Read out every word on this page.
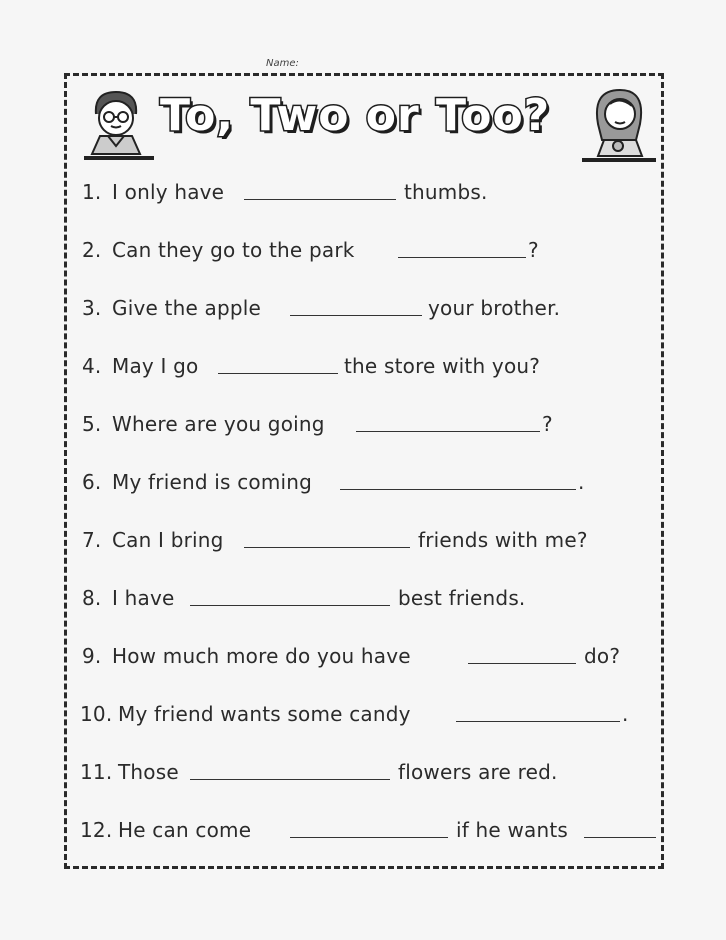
Name:
To, Two or Too?
1. I only have	thumbs.
2. Can they go to the park	?
3. Give the apple	your brother.
4. May I go	the store with you?
5. Where are you going	?
6. My friend is coming	.
7. Can I bring	friends with me?
8. I have	best friends.
9. How much more do you have	do?
10. My friend wants some candy	.
11. Those	flowers are red.
12. He can come	if he wants
